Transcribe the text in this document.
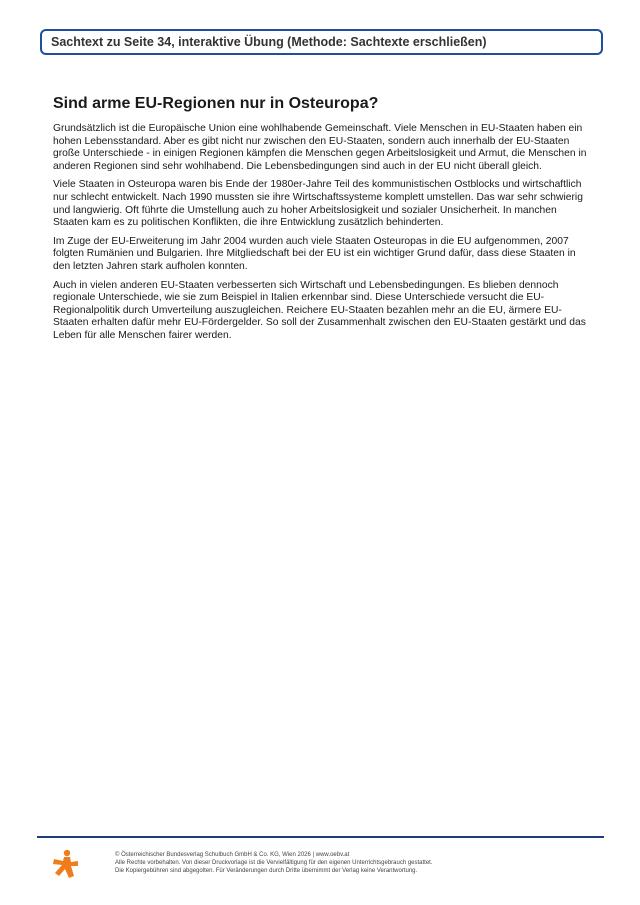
Sachtext zu Seite 34, interaktive Übung (Methode: Sachtexte erschließen)
Sind arme EU-Regionen nur in Osteuropa?

Grundsätzlich ist die Europäische Union eine wohlhabende Gemeinschaft. Viele Menschen in EU-Staaten haben ein hohen Lebensstandard. Aber es gibt nicht nur zwischen den EU-Staaten, sondern auch innerhalb der EU-Staaten große Unterschiede - in einigen Regionen kämpfen die Menschen gegen Arbeitslosigkeit und Armut, die Menschen in anderen Regionen sind sehr wohlhabend. Die Lebensbedingungen sind auch in der EU nicht überall gleich.

Viele Staaten in Osteuropa waren bis Ende der 1980er-Jahre Teil des kommunistischen Ostblocks und wirtschaftlich nur schlecht entwickelt. Nach 1990 mussten sie ihre Wirtschaftssysteme komplett umstellen. Das war sehr schwierig und langwierig. Oft führte die Umstellung auch zu hoher Arbeitslosigkeit und sozialer Unsicherheit. In manchen Staaten kam es zu politischen Konflikten, die ihre Entwicklung zusätzlich behinderten.

Im Zuge der EU-Erweiterung im Jahr 2004 wurden auch viele Staaten Osteuropas in die EU aufgenommen, 2007 folgten Rumänien und Bulgarien. Ihre Mitgliedschaft bei der EU ist ein wichtiger Grund dafür, dass diese Staaten in den letzten Jahren stark aufholen konnten.

Auch in vielen anderen EU-Staaten verbesserten sich Wirtschaft und Lebensbedingungen. Es blieben dennoch regionale Unterschiede, wie sie zum Beispiel in Italien erkennbar sind. Diese Unterschiede versucht die EU-Regionalpolitik durch Umverteilung auszugleichen. Reichere EU-Staaten bezahlen mehr an die EU, ärmere EU-Staaten erhalten dafür mehr EU-Fördergelder. So soll der Zusammenhalt zwischen den EU-Staaten gestärkt und das Leben für alle Menschen fairer werden.

© Österreichischer Bundesverlag Schulbuch GmbH & Co. KG, Wien 2026 | www.oebv.at
Alle Rechte vorbehalten. Von dieser Druckvorlage ist die Vervielfältigung für den eigenen Unterrichtsgebrauch gestattet.
Die Kopiergebühren sind abgegolten. Für Veränderungen durch Dritte übernimmt der Verlag keine Verantwortung.
